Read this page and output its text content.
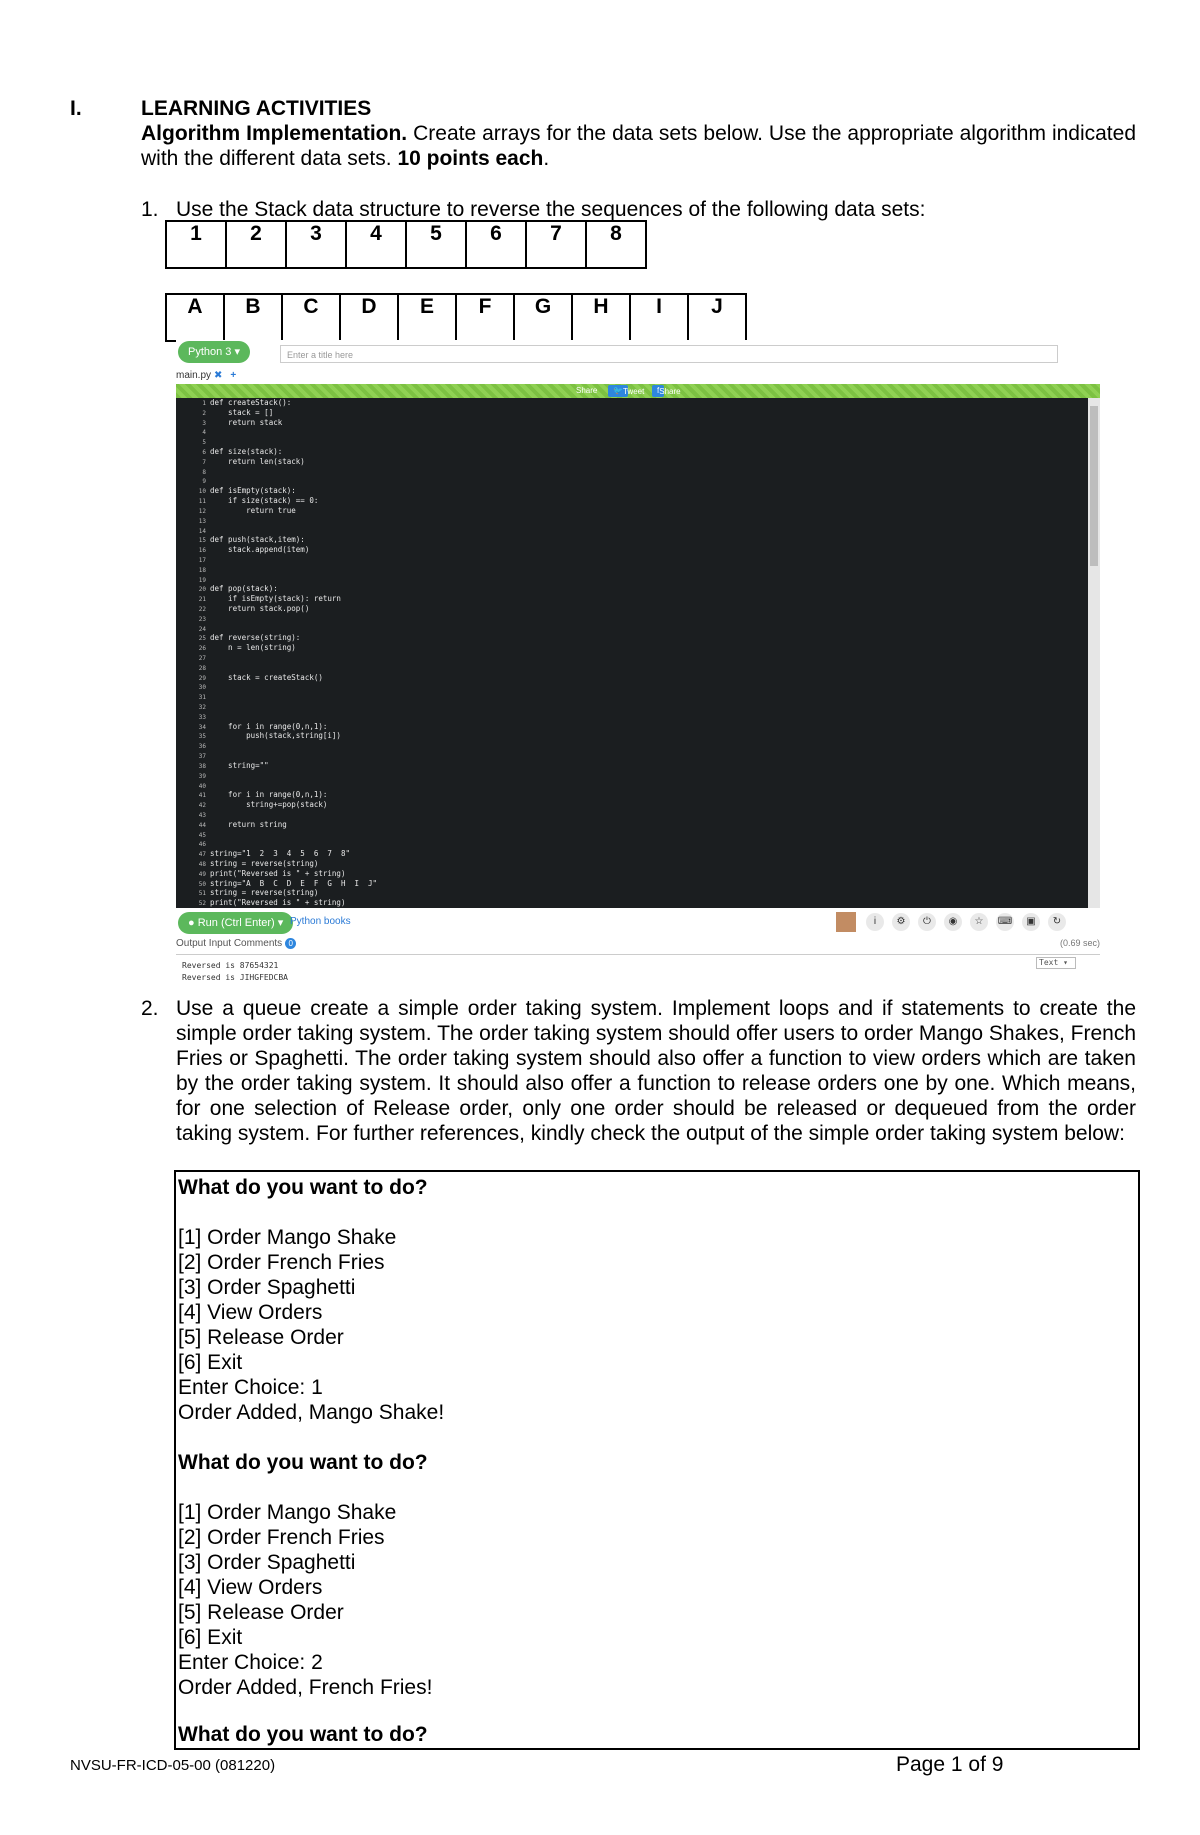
I.	LEARNING ACTIVITIES
Algorithm Implementation. Create arrays for the data sets below. Use the appropriate algorithm indicated with the different data sets. 10 points each.
1. Use the Stack data structure to reverse the sequences of the following data sets:
1	2	3	4	5	6	7	8
A	B	C	D	E	F	G	H	I	J
Python 3 ▾	Enter a title here
main.py ✖ +
Share	🐦 Tweet	f Share
1
2
3
4
5
6
7
8
9
10
11
12
13
14
15
16
17
18
19
20
21
22
23
24
25
26
27
28
29
30
31
32
33
34
35
36
37
38
39
40
41
42
43
44
45
46
47
48
49
50
51
52
def createStack():
stack = []
return stack
def size(stack):
return len(stack)
def isEmpty(stack):
if size(stack) == 0:
return true
def push(stack,item):
stack.append(item)
def pop(stack):
if isEmpty(stack): return
return stack.pop()
def reverse(string):
n = len(string)
stack = createStack()
for i in range(0,n,1):
push(stack,string[i])
string=""
for i in range(0,n,1):
string+=pop(stack)
return string
string="1  2  3  4  5  6  7  8"
string = reverse(string)
print("Reversed is " + string)
string="A  B  C  D  E  F  G  H  I  J"
string = reverse(string)
print("Reversed is " + string)
● Run (Ctrl Enter) ▾ Python books	i	⚙	⏻	◉	☆	⌨	▣	↻
Output Input Comments 0	(0.69 sec)
Reversed is 87654321
Reversed is JIHGFEDCBA
Text ▾
2. Use a queue create a simple order taking system. Implement loops and if statements to create the simple order taking system. The order taking system should offer users to order Mango Shakes, French Fries or Spaghetti. The order taking system should also offer a function to view orders which are taken by the order taking system. It should also offer a function to release orders one by one. Which means, for one selection of Release order, only one order should be released or dequeued from the order taking system. For further references, kindly check the output of the simple order taking system below:
What do you want to do?
[1] Order Mango Shake
[2] Order French Fries
[3] Order Spaghetti
[4] View Orders
[5] Release Order
[6] Exit
Enter Choice: 1
Order Added, Mango Shake!
What do you want to do?
[1] Order Mango Shake
[2] Order French Fries
[3] Order Spaghetti
[4] View Orders
[5] Release Order
[6] Exit
Enter Choice: 2
Order Added, French Fries!
What do you want to do?
NVSU-FR-ICD-05-00 (081220)	Page 1 of 9
